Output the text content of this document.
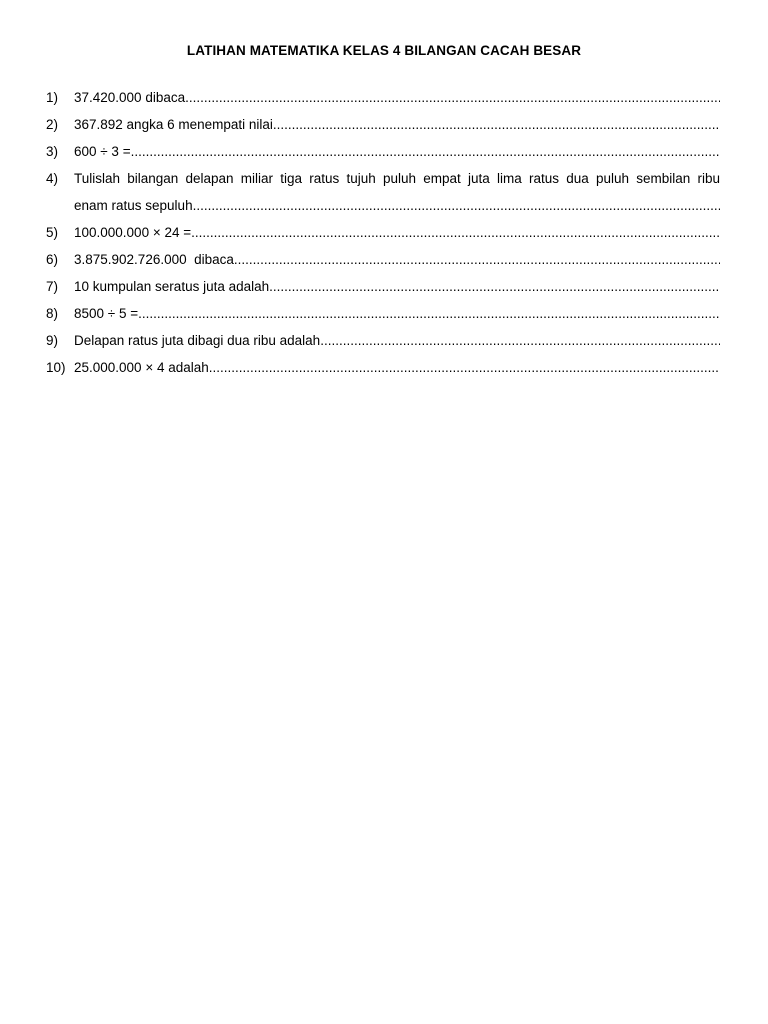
LATIHAN MATEMATIKA KELAS 4 BILANGAN CACAH BESAR
1)	37.420.000 dibaca
.....
2)	367.892 angka 6 menempati nilai
.....
3)	600 ÷ 3 =
.....
4)	Tulislah bilangan delapan miliar tiga ratus tujuh puluh empat juta lima ratus dua puluh sembilan ribu
enam ratus sepuluh
.....
5)	100.000.000 × 24 =
.....
6)	3.875.902.726.000  dibaca
.....
7)	10 kumpulan seratus juta adalah
.....
8)	8500 ÷ 5 =
.....
9)	Delapan ratus juta dibagi dua ribu adalah
.....
10) 25.000.000 × 4 adalah
.....
